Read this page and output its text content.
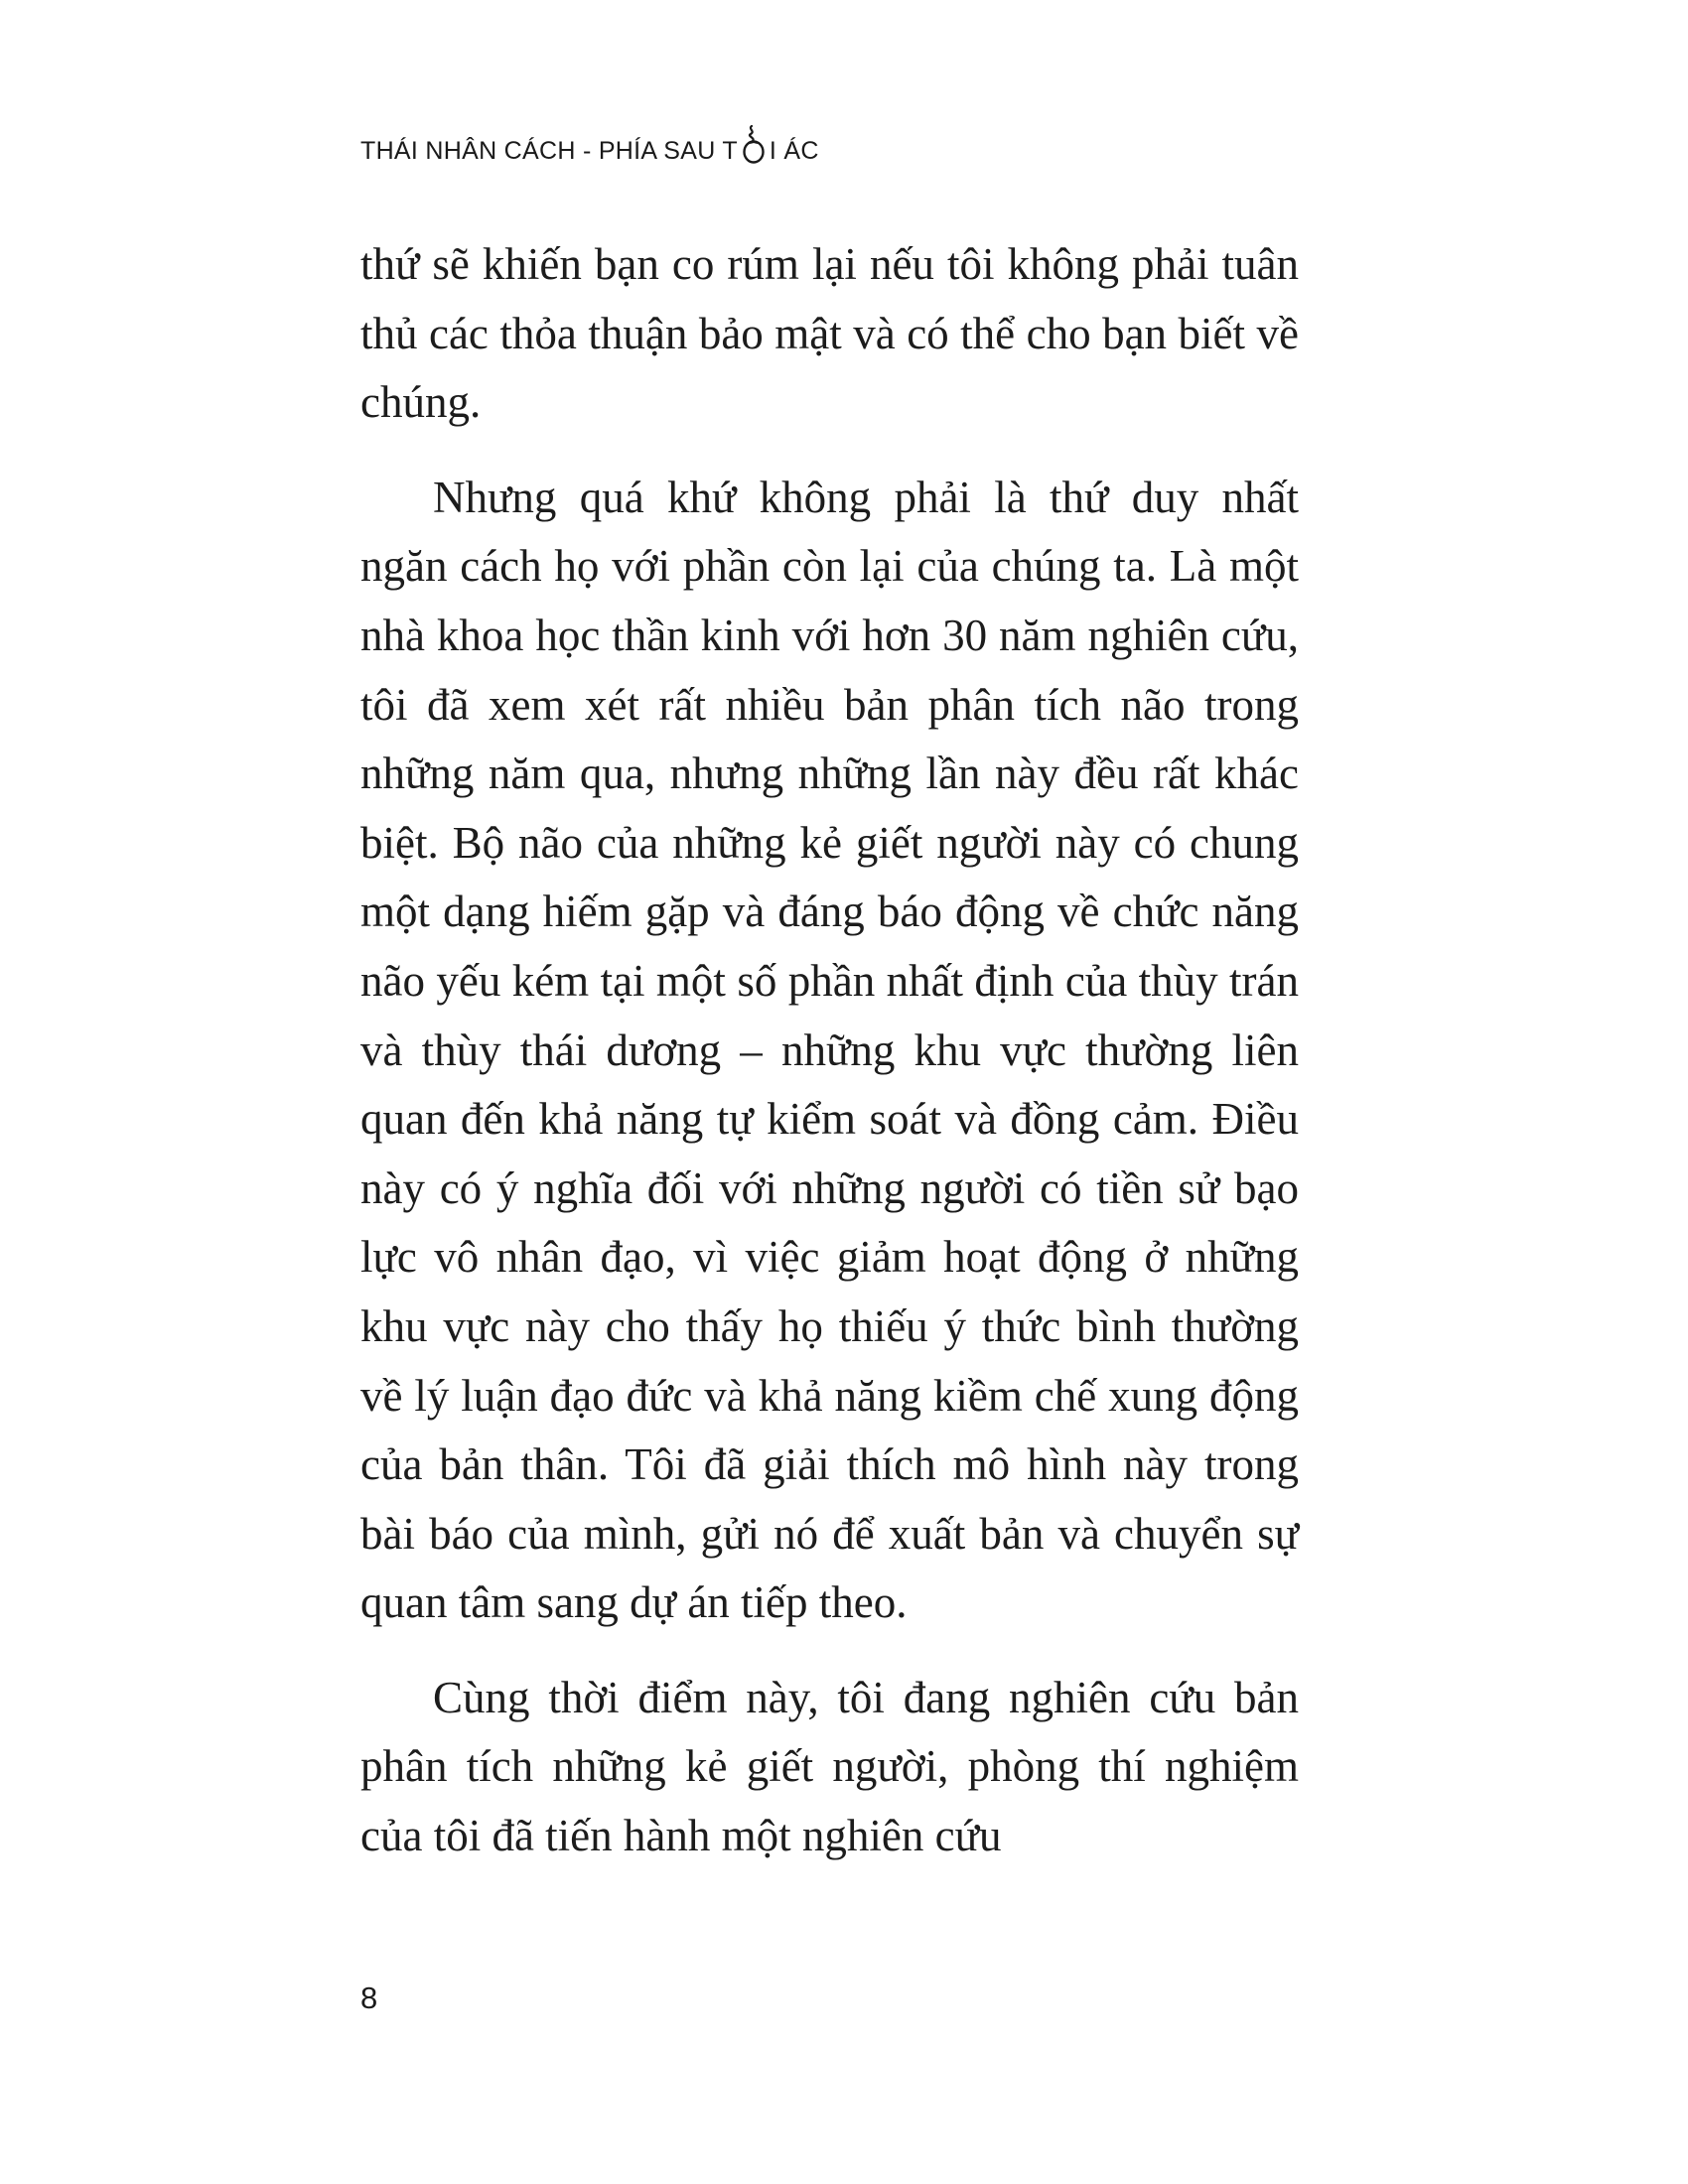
THÁI NHÂN CÁCH - PHÍA SAU T I ÁC

thứ sẽ khiến bạn co rúm lại nếu tôi không phải tuân thủ các thỏa thuận bảo mật và có thể cho bạn biết về chúng.

Nhưng quá khứ không phải là thứ duy nhất ngăn cách họ với phần còn lại của chúng ta. Là một nhà khoa học thần kinh với hơn 30 năm nghiên cứu, tôi đã xem xét rất nhiều bản phân tích não trong những năm qua, nhưng những lần này đều rất khác biệt. Bộ não của những kẻ giết người này có chung một dạng hiếm gặp và đáng báo động về chức năng não yếu kém tại một số phần nhất định của thùy trán và thùy thái dương – những khu vực thường liên quan đến khả năng tự kiểm soát và đồng cảm. Điều này có ý nghĩa đối với những người có tiền sử bạo lực vô nhân đạo, vì việc giảm hoạt động ở những khu vực này cho thấy họ thiếu ý thức bình thường về lý luận đạo đức và khả năng kiềm chế xung động của bản thân. Tôi đã giải thích mô hình này trong bài báo của mình, gửi nó để xuất bản và chuyển sự quan tâm sang dự án tiếp theo.

Cùng thời điểm này, tôi đang nghiên cứu bản phân tích những kẻ giết người, phòng thí nghiệm của tôi đã tiến hành một nghiên cứu

8
